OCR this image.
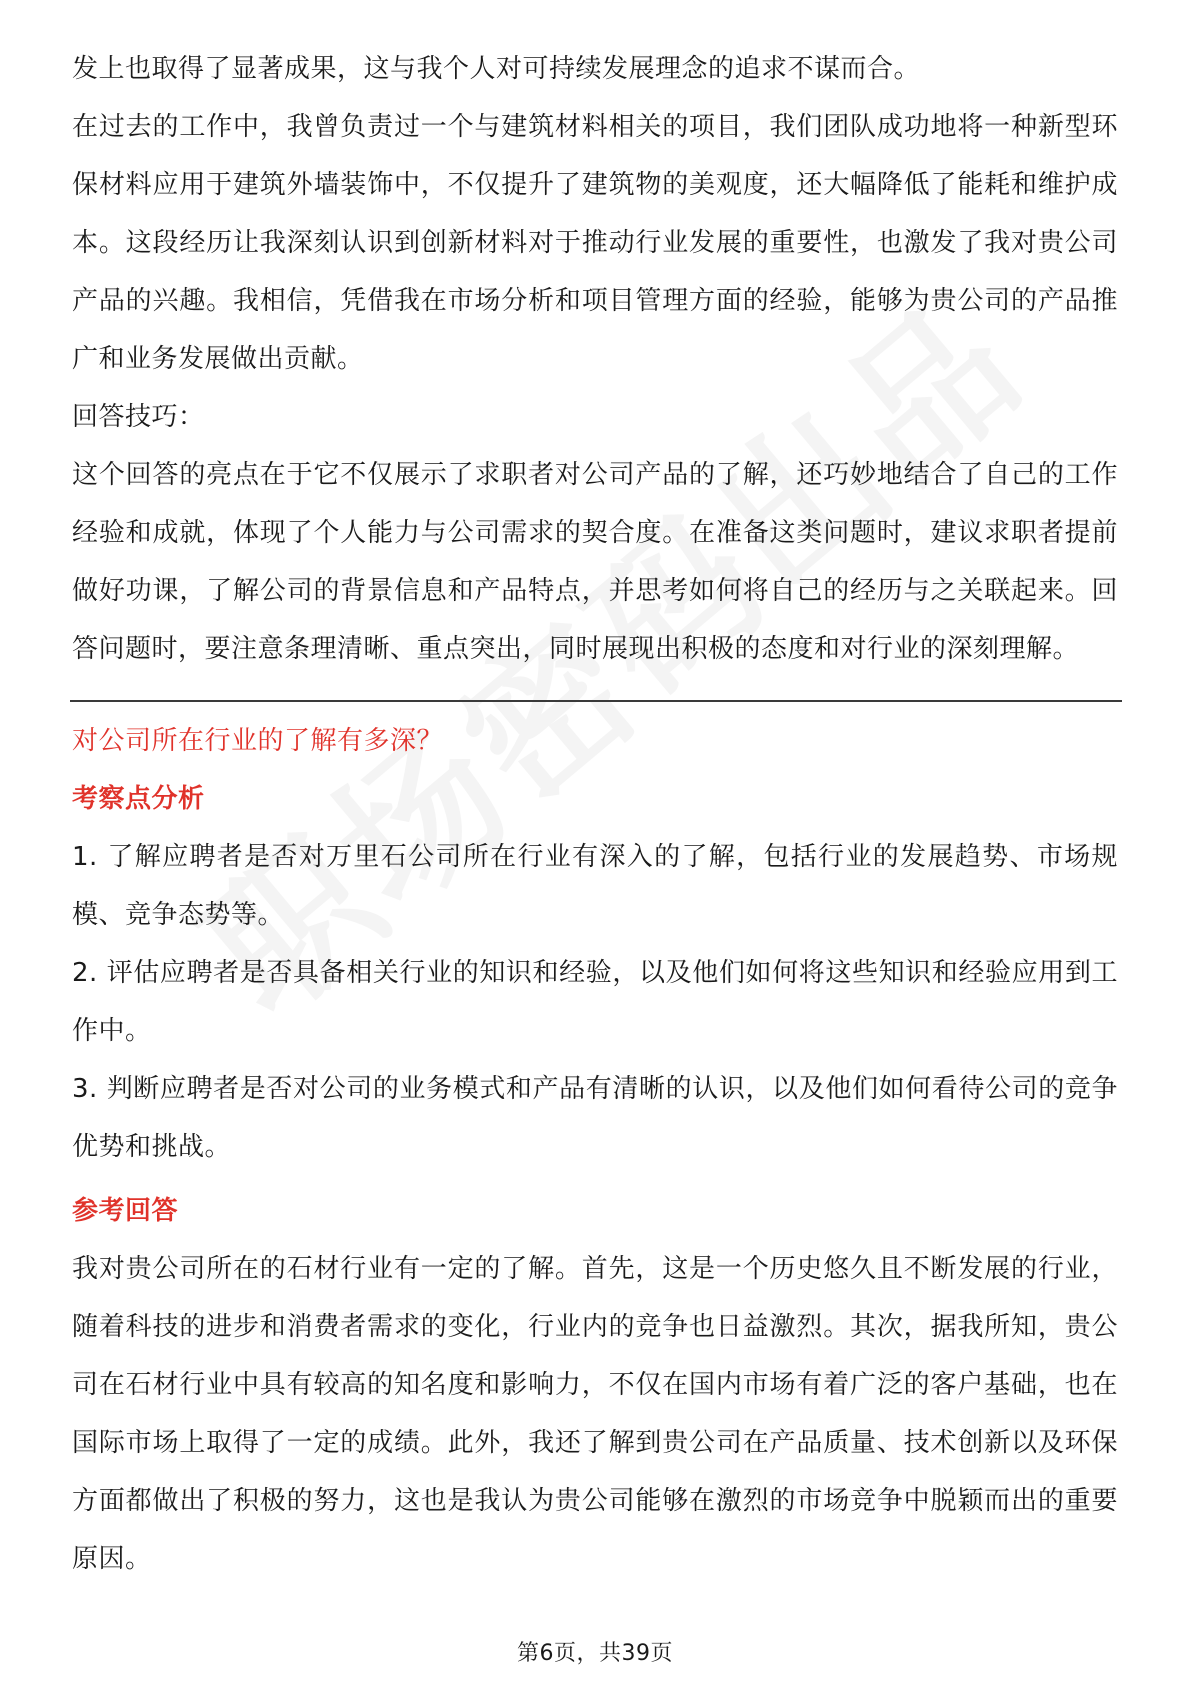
发上也取得了显著成果，这与我个人对可持续发展理念的追求不谋而合。

在过去的工作中，我曾负责过一个与建筑材料相关的项目，我们团队成功地将一种新型环保材料应用于建筑外墙装饰中，不仅提升了建筑物的美观度，还大幅降低了能耗和维护成本。这段经历让我深刻认识到创新材料对于推动行业发展的重要性，也激发了我对贵公司产品的兴趣。我相信，凭借我在市场分析和项目管理方面的经验，能够为贵公司的产品推广和业务发展做出贡献。

回答技巧：

这个回答的亮点在于它不仅展示了求职者对公司产品的了解，还巧妙地结合了自己的工作经验和成就，体现了个人能力与公司需求的契合度。在准备这类问题时，建议求职者提前做好功课，了解公司的背景信息和产品特点，并思考如何将自己的经历与之关联起来。回答问题时，要注意条理清晰、重点突出，同时展现出积极的态度和对行业的深刻理解。

对公司所在行业的了解有多深？
考察点分析

1. 了解应聘者是否对万里石公司所在行业有深入的了解，包括行业的发展趋势、市场规模、竞争态势等。

2. 评估应聘者是否具备相关行业的知识和经验，以及他们如何将这些知识和经验应用到工作中。

3. 判断应聘者是否对公司的业务模式和产品有清晰的认识，以及他们如何看待公司的竞争优势和挑战。

参考回答

我对贵公司所在的石材行业有一定的了解。首先，这是一个历史悠久且不断发展的行业，随着科技的进步和消费者需求的变化，行业内的竞争也日益激烈。其次，据我所知，贵公司在石材行业中具有较高的知名度和影响力，不仅在国内市场有着广泛的客户基础，也在国际市场上取得了一定的成绩。此外，我还了解到贵公司在产品质量、技术创新以及环保方面都做出了积极的努力，这也是我认为贵公司能够在激烈的市场竞争中脱颖而出的重要原因。

第6页，共39页
